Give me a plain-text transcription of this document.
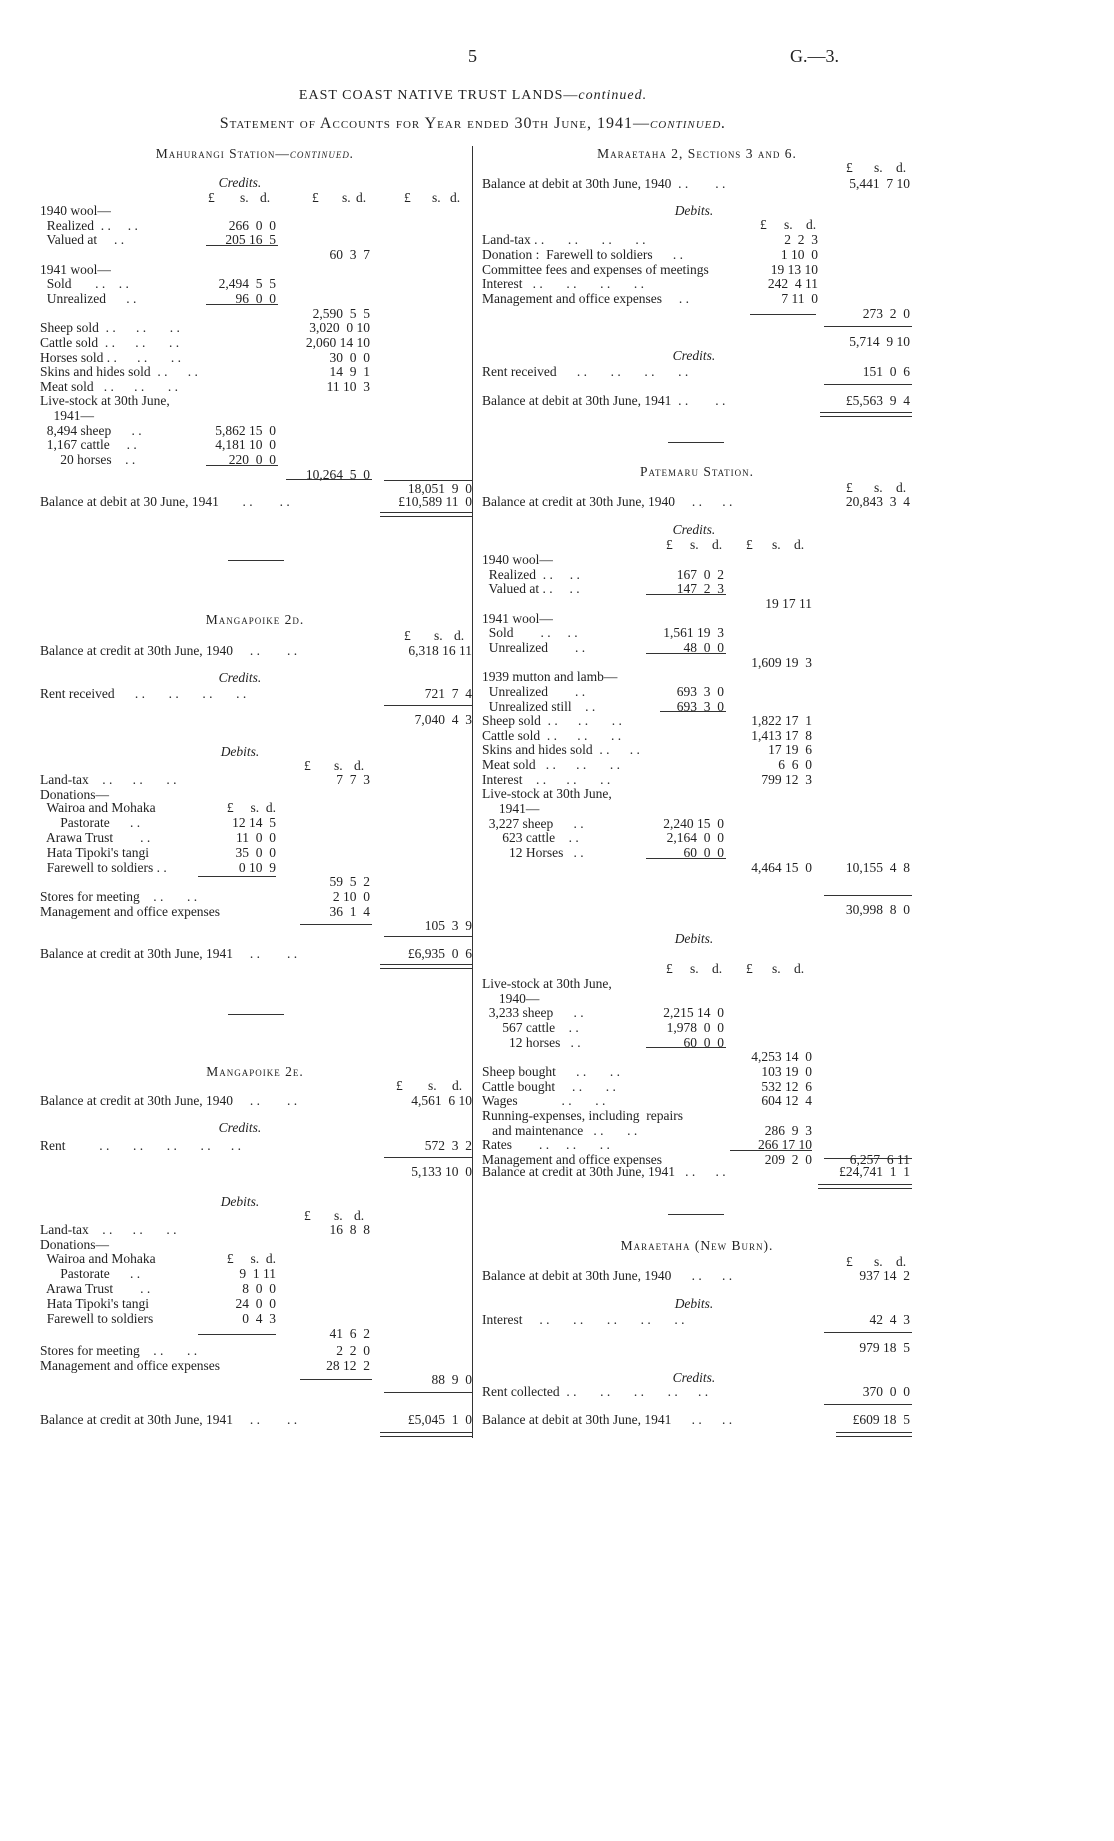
5	G.—3.
EAST COAST NATIVE TRUST LANDS—continued.
Statement of Accounts for Year ended 30th June, 1941—continued.
Mahurangi Station—continued.
Credits.
£ s. d.	£ s. d.	£ s. d.
1940 wool—
Realized  . .     . .	266  0  0
Valued at     . .	205 16  5
60  3  7
1941 wool—
Sold       . .    . .	2,494  5  5
Unrealized      . .	96  0  0
2,590  5  5
Sheep sold  . .      . .       . .	3,020  0 10
Cattle sold  . .      . .       . .	2,060 14 10
Horses sold . .      . .       . .	30  0  0
Skins and hides sold  . .      . .	14  9  1
Meat sold   . .      . .       . .	11 10  3
Live-stock at 30th June,
1941—
8,494 sheep      . .	5,862 15  0
1,167 cattle     . .	4,181 10  0
20 horses    . .	220  0  0
10,264  5  0
18,051  9  0
Balance at debit at 30 June, 1941       . .        . .	£10,589 11  0
Mangapoike 2d.
£ s. d.
Balance at credit at 30th June, 1940     . .        . .	6,318 16 11
Credits.
Rent received      . .       . .       . .       . .	721  7  4
7,040  4  3
Debits.
£ s. d.
Land-tax    . .      . .       . .	7  7  3
Donations—
Wairoa and Mohaka	£     s.  d.
Pastorate      . .	12 14  5
Arawa Trust        . .	11  0  0
Hata Tipoki's tangi	35  0  0
Farewell to soldiers . .	0 10  9
59  5  2
Stores for meeting    . .       . .	2 10  0
Management and office expenses	36  1  4
105  3  9
Balance at credit at 30th June, 1941     . .        . .	£6,935  0  6
Mangapoike 2e.
£ s. d.
Balance at credit at 30th June, 1940     . .        . .	4,561  6 10
Credits.
Rent          . .       . .       . .       . .      . .	572  3  2
5,133 10  0
Debits.
£ s. d.
Land-tax    . .      . .       . .	16  8  8
Donations—
Wairoa and Mohaka	£     s.  d.
Pastorate      . .	9  1 11
Arawa Trust        . .	8  0  0
Hata Tipoki's tangi	24  0  0
Farewell to soldiers	0  4  3
41  6  2
Stores for meeting    . .       . .	2  2  0
Management and office expenses	28 12  2
88  9  0
Balance at credit at 30th June, 1941     . .        . .	£5,045  1  0
Maraetaha 2, Sections 3 and 6.
£ s. d.
Balance at debit at 30th June, 1940  . .        . .	5,441  7 10
Debits.
£ s. d.
Land-tax . .       . .       . .       . .	2  2  3
Donation :  Farewell to soldiers      . .	1 10  0
Committee fees and expenses of meetings	19 13 10
Interest   . .       . .       . .       . .	242  4 11
Management and office expenses     . .	7 11  0
273  2  0
5,714  9 10
Credits.
Rent received      . .       . .       . .       . .	151  0  6
Balance at debit at 30th June, 1941  . .        . .	£5,563  9  4
Patemaru Station.
£ s. d.
Balance at credit at 30th June, 1940     . .      . .	20,843  3  4
Credits.
£ s. d. £ s. d.
1940 wool—
Realized  . .     . .	167  0  2
Valued at . .     . .	147  2  3
19 17 11
1941 wool—
Sold        . .     . .	1,561 19  3
Unrealized        . .	48  0  0
1,609 19  3
1939 mutton and lamb—
Unrealized        . .	693  3  0
Unrealized still    . .	693  3  0
Sheep sold  . .      . .       . .	1,822 17  1
Cattle sold  . .      . .       . .	1,413 17  8
Skins and hides sold  . .      . .	17 19  6
Meat sold   . .      . .       . .	6  6  0
Interest    . .      . .       . .	799 12  3
Live-stock at 30th June,
1941—
3,227 sheep      . .	2,240 15  0
623 cattle    . .	2,164  0  0
12 Horses   . .	60  0  0
4,464 15  0	10,155  4  8
30,998  8  0
Debits.
£ s. d. £ s. d.
Live-stock at 30th June,
1940—
3,233 sheep      . .	2,215 14  0
567 cattle    . .	1,978  0  0
12 horses   . .	60  0  0
4,253 14  0
Sheep bought      . .       . .	103 19  0
Cattle bought     . .       . .	532 12  6
Wages             . .       . .	604 12  4
Running-expenses, including  repairs
and maintenance   . .       . .	286  9  3
Rates        . .     . .       . .	266 17 10
Management and office expenses	209  2  0	6,257  6 11
Balance at credit at 30th June, 1941   . .      . .	£24,741  1  1
Maraetaha (New Burn).
£ s. d.
Balance at debit at 30th June, 1940      . .      . .	937 14  2
Debits.
Interest     . .       . .       . .       . .       . .	42  4  3
979 18  5
Credits.
Rent collected  . .       . .       . .       . .      . .	370  0  0
Balance at debit at 30th June, 1941      . .      . .	£609 18  5
